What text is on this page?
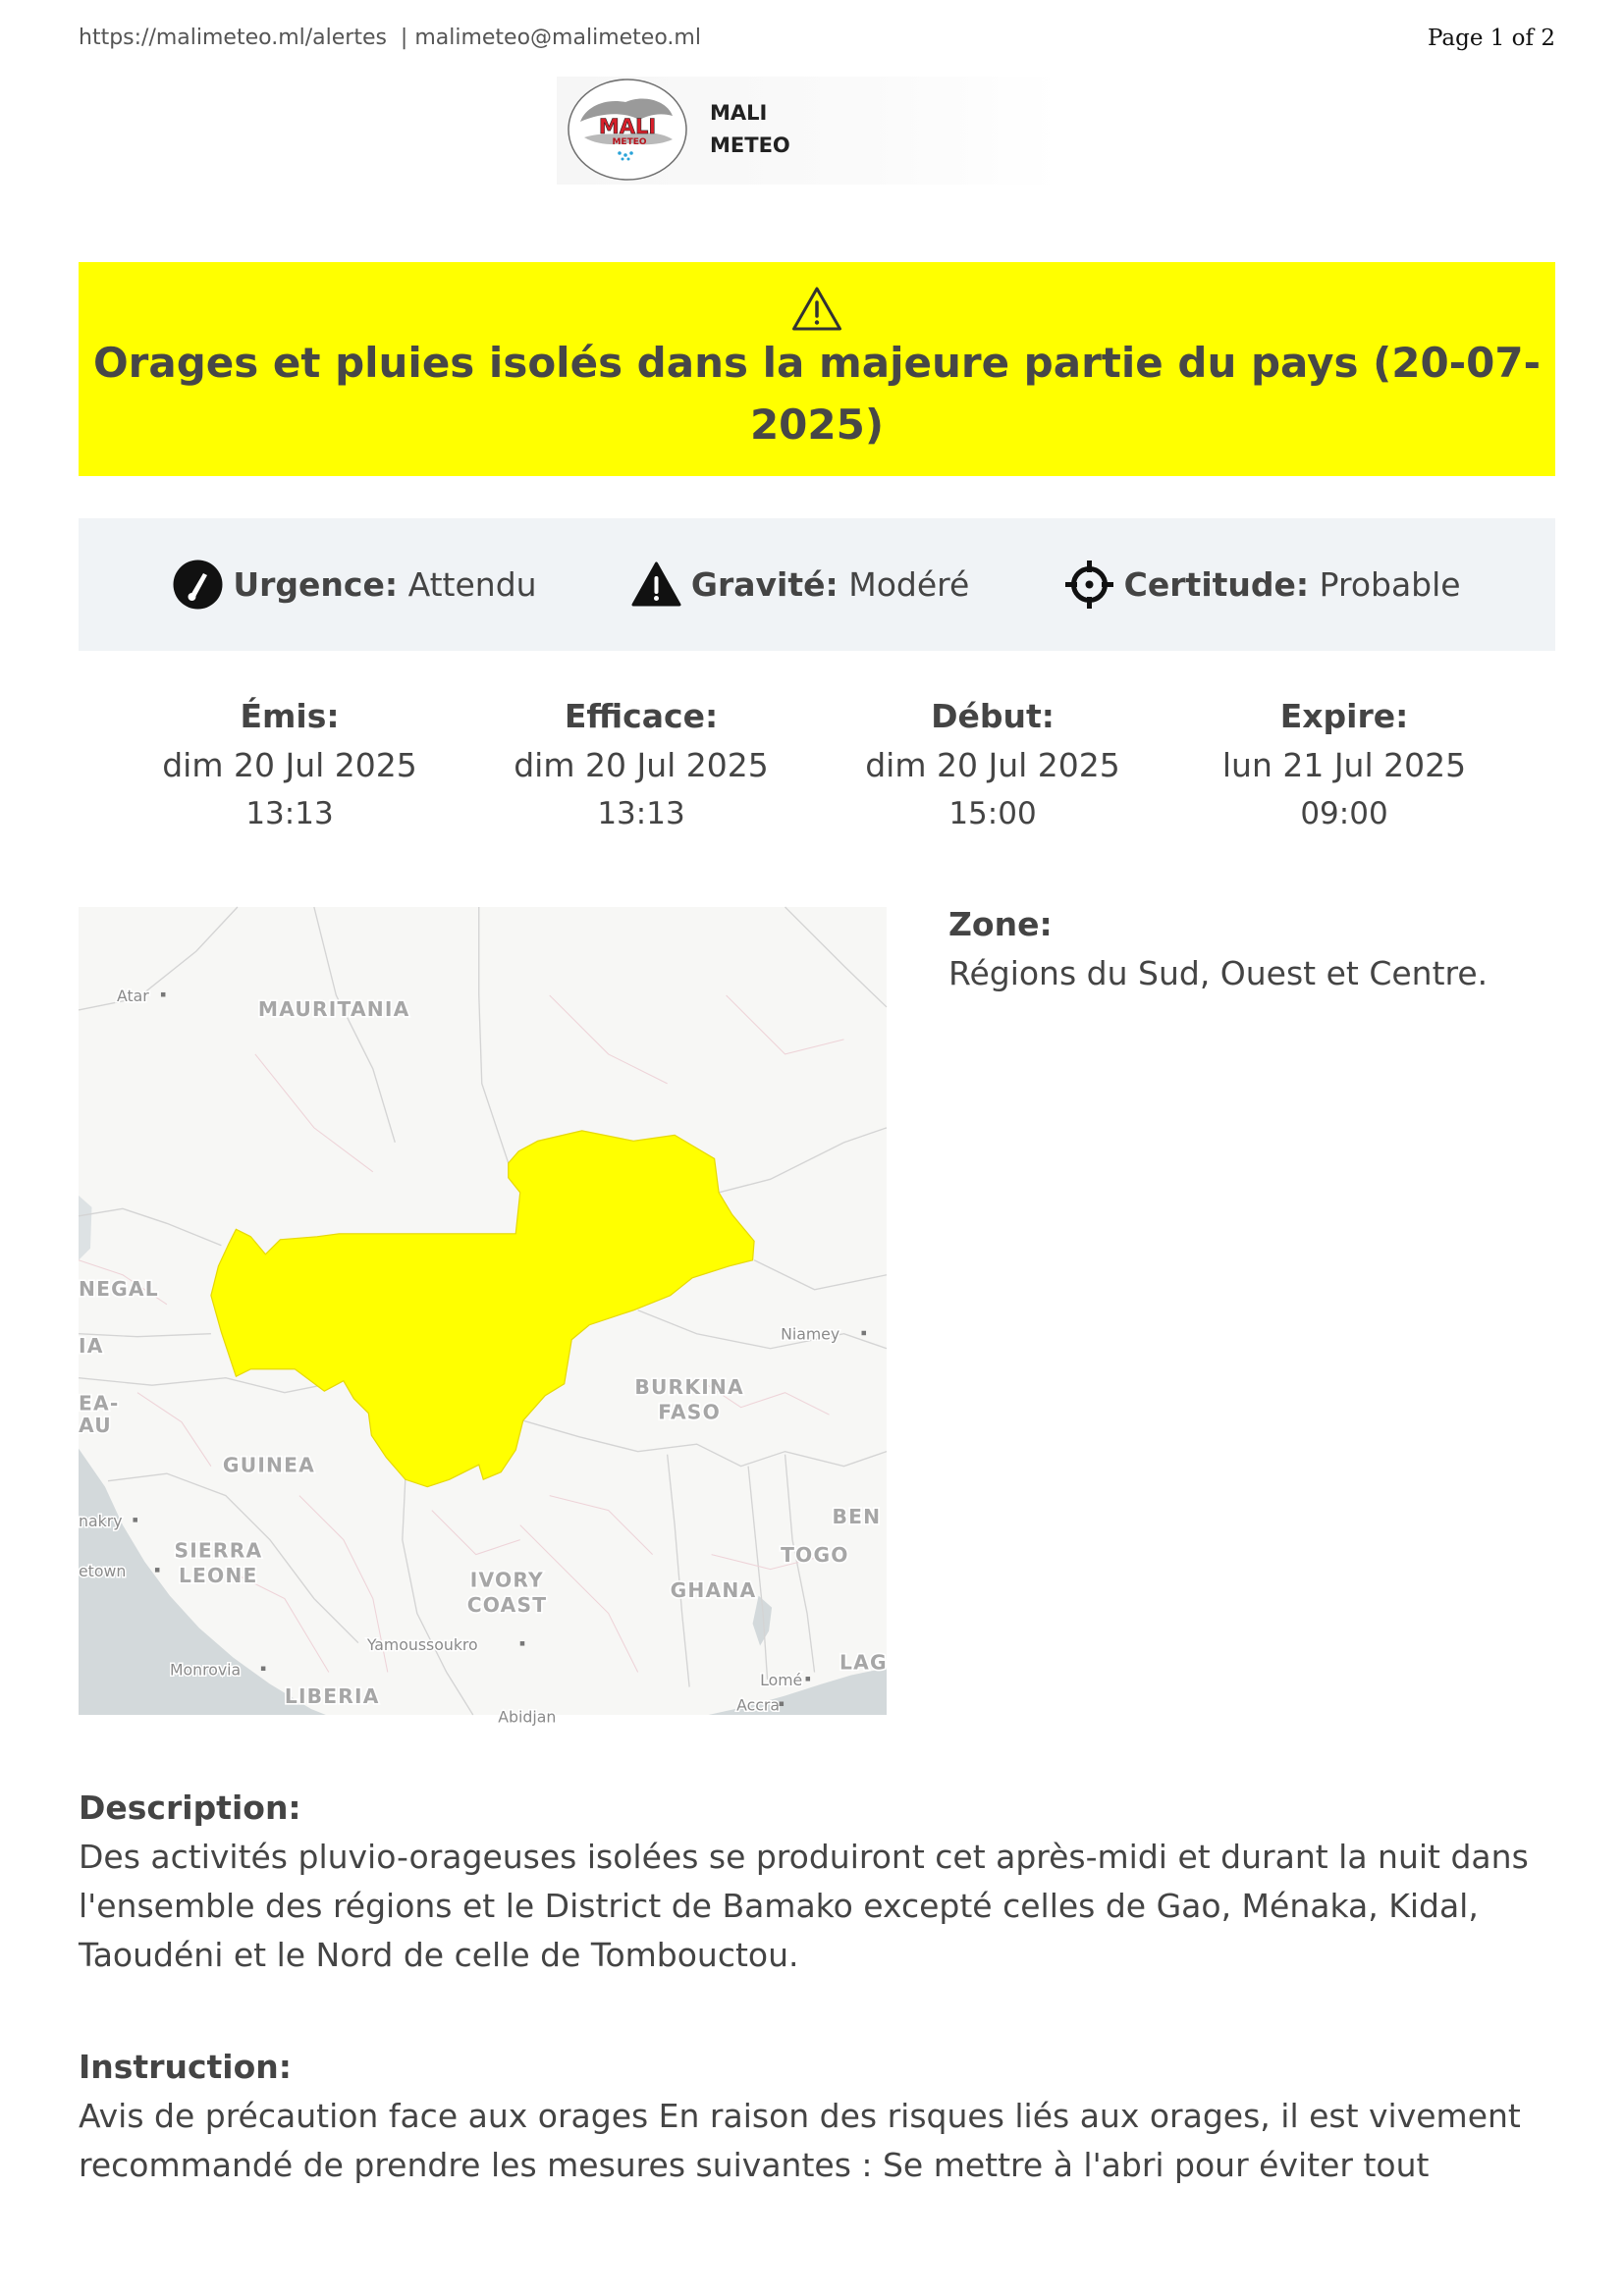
https://malimeteo.ml/alertes  | malimeteo@malimeteo.ml	Page 1 of 2
MALI
METEO
MALI
METEO
Orages et pluies isolés dans la majeure partie du pays (20-07-2025)
Urgence: Attendu	Gravité: Modéré	Certitude: Probable
Émis:
dim 20 Jul 2025
13:13
Efficace:
dim 20 Jul 2025
13:13
Début:
dim 20 Jul 2025
15:00
Expire:
lun 21 Jul 2025
09:00
Atar
MAURITANIA
NEGAL
IA
EA-
AU
GUINEA
nakry
SIERRA
LEONE
etown	IVORY
COAST
Yamoussoukro
Monrovia
LIBERIA
Abidjan
Niamey
BURKINA
FASO
BEN
TOGO
GHANA
Lomé
LAG
Accra
Zone:
Régions du Sud, Ouest et Centre.
Description:
Des activités pluvio-orageuses isolées se produiront cet après-midi et durant la nuit dans l'ensemble des régions et le District de Bamako excepté celles de Gao, Ménaka, Kidal, Taoudéni et le Nord de celle de Tombouctou.
Instruction:
Avis de précaution face aux orages En raison des risques liés aux orages, il est vivement recommandé de prendre les mesures suivantes : Se mettre à l'abri pour éviter tout
